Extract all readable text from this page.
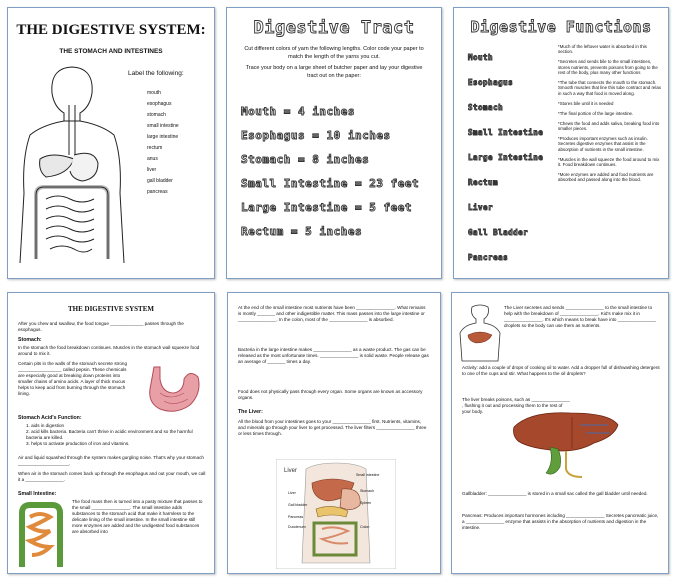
THE DIGESTIVE SYSTEM:
THE STOMACH AND INTESTINES
Label the following:
mouth
esophagus
stomach
small intestine
large intestine
rectum
anus
liver
gall bladder
pancreas
Digestive Tract
Cut different colors of yarn the following lengths. Color code your paper to match the length of the yarns you cut.
Trace your body on a large sheet of butcher paper and lay your digestive tract out on the paper:
Mouth = 4 inches
Esophagus = 10 inches
Stomach = 8 inches
Small Intestine = 23 feet
Large Intestine = 5 feet
Rectum = 5 inches
Digestive Functions
Mouth
Esophagus
Stomach
Small Intestine
Large Intestine
Rectum
Liver
Gall Bladder
Pancreas
*Much of the leftover water is absorbed in this section.
*Secretes and sends bile to the small intestines, stores nutrients, prevents poisons from going to the rest of the body, plus many other functions
*The tube that connects the mouth to the stomach. Smooth muscles that line this tube contract and relax in such a way that food is moved along.
*Stores bile until it is needed
*The final portion of the large intestine.
*Chews the food and adds saliva, breaking food into smaller pieces.
*Produces important enzymes such as insulin. Secretes digestive enzymes that assist in the absorption of nutrients in the small intestine.
*Muscles in the wall squeeze the food around to mix it. Food breakdown continues.
*More enzymes are added and food nutrients are absorbed and passed along into the blood.
THE DIGESTIVE SYSTEM
After you chew and swallow, the food tongue _____________ passes through the esophagus.
Stomach:
In the stomach the food breakdown continues. Muscles in the stomach wall squeeze food around to mix it.
Certain pits in the walls of the stomach secrete strong _________________ called pepsin. These chemicals are especially good at breaking down proteins into smaller chains of amino acids. A layer of thick mucus helps to keep acid from burning through the stomach lining.
Stomach Acid's Function:
1. aids in digestion
2. acid kills bacteria. Bacteria can't thrive in acidic environment and so the harmful bacteria are killed.
3. helps to activate production of iron and vitamins.
Air and liquid squashed through the system makes gurgling noise. That's why your stomach ____________________.
When air in the stomach comes back up through the esophagus and out your mouth, we call it a _______________.
Small Intestine:
The food mass then is turned into a pasty mixture that passes to the small _______________. The small intestine adds substances to the stomach acid that make it harmless to the delicate lining of the small intestine. In the small intestine still more enzymes are added and the undigested food substances are absorbed into
At the end of the small intestine most nutrients have been _______________. What remains is mostly _______ and other indigestible matter. This mass passes into the large intestine or _______________. In the colon, most of the _______________ is absorbed.
Bacteria in the large intestine makes _______________ as a waste product. The gas can be released as the most unfortunate times. _______________ is solid waste. People release gas an average of _______ times a day.
Food does not physically pass through every organ. Some organs are known as accessory organs.
The Liver:
All the blood from your intestines goes to your _______________ first. Nutrients, vitamins, and minerals go through your liver to get processed. The liver filters _______________ three or less times through.
Liver
Pancreas
Gall bladder
Small intestine
Spleen
Stomach
Duodenum	Colon
Liver
The Liver secretes and sends _______________ to the small intestine to help with the breakdown of _______________. Kid's make mix it in _______________. It's which means to break have into _______________ droplets so the body can use them as nutrients.
Activity: add a couple of drops of cooking oil to water. Add a dropper full of dishwashing detergent to one of the cups and stir. What happens to the oil droplets?
The liver breaks poisons, such as _______________ , flushing it out and processing them to the rest of your body.
Gallbladder: _______________ is stored in a small sac called the gall bladder until needed.
Pancreas: Produces important hormones including _______________ Secretes pancreatic juice, a _______________ enzyme that assists in the absorption of nutrients and digestion in the intestine.
